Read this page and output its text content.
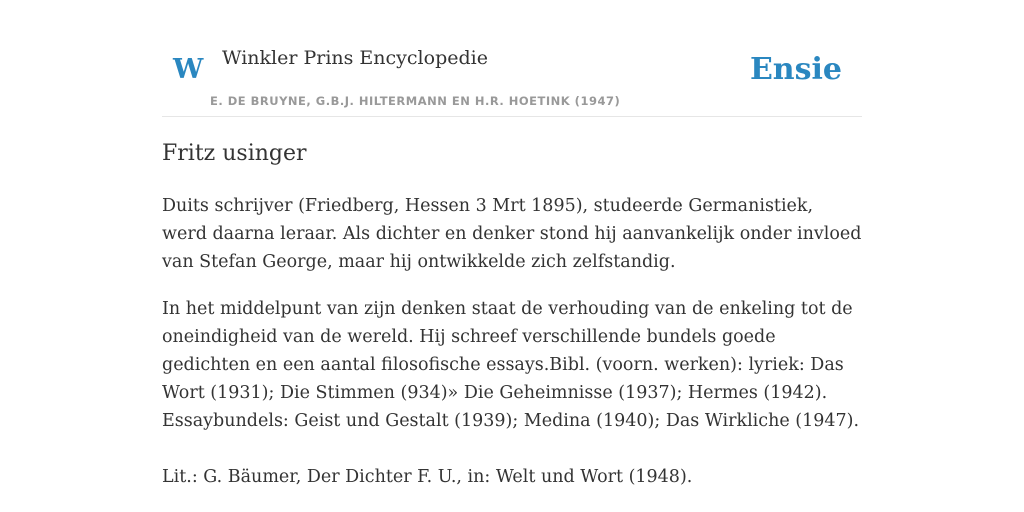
W Winkler Prins Encyclopedie
E. DE BRUYNE, G.B.J. HILTERMANN EN H.R. HOETINK (1947)
Ensie
Fritz usinger

Duits schrijver (Friedberg, Hessen 3 Mrt 1895), studeerde Germanistiek, werd daarna leraar. Als dichter en denker stond hij aanvankelijk onder invloed van Stefan George, maar hij ontwikkelde zich zelfstandig.

In het middelpunt van zijn denken staat de verhouding van de enkeling tot de oneindigheid van de wereld. Hij schreef verschillende bundels goede gedichten en een aantal filosofische essays.Bibl. (voorn. werken): lyriek: Das Wort (1931); Die Stimmen (934)» Die Geheimnisse (1937); Hermes (1942). Essaybundels: Geist und Gestalt (1939); Medina (1940); Das Wirkliche (1947).

Lit.: G. Bäumer, Der Dichter F. U., in: Welt und Wort (1948).
